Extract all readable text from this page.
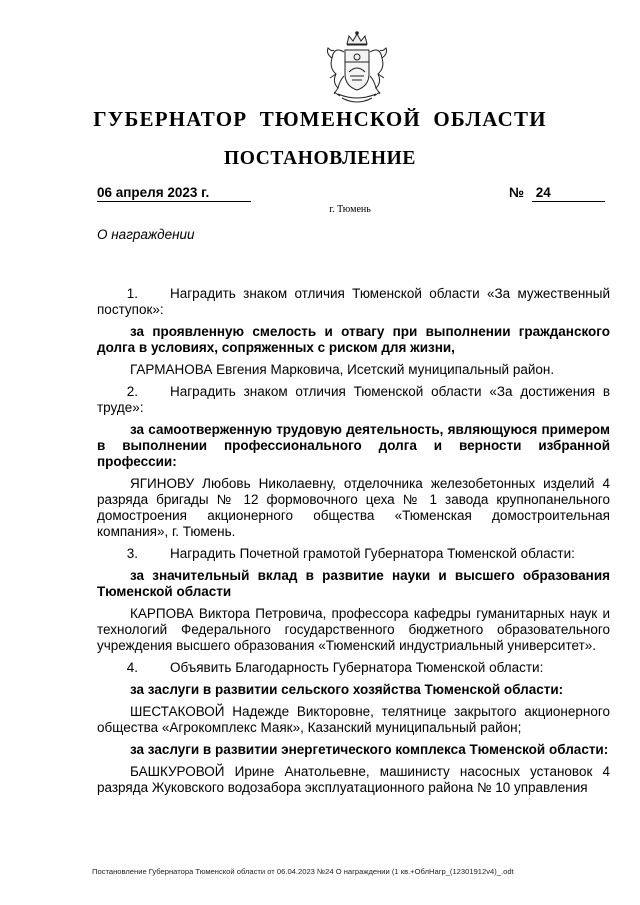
ГУБЕРНАТОР ТЮМЕНСКОЙ ОБЛАСТИ
ПОСТАНОВЛЕНИЕ
06 апреля 2023 г.	№ 24
г. Тюмень
О награждении
1. Наградить знаком отличия Тюменской области «За мужественный поступок»:

за проявленную смелость и отвагу при выполнении гражданского долга в условиях, сопряженных с риском для жизни,

ГАРМАНОВА Евгения Марковича, Исетский муниципальный район.

2. Наградить знаком отличия Тюменской области «За достижения в труде»:

за самоотверженную трудовую деятельность, являющуюся примером в выполнении профессионального долга и верности избранной профессии:

ЯГИНОВУ Любовь Николаевну, отделочника железобетонных изделий 4 разряда бригады № 12 формовочного цеха № 1 завода крупнопанельного домостроения акционерного общества «Тюменская домостроительная компания», г. Тюмень.

3. Наградить Почетной грамотой Губернатора Тюменской области:

за значительный вклад в развитие науки и высшего образования Тюменской области

КАРПОВА Виктора Петровича, профессора кафедры гуманитарных наук и технологий Федерального государственного бюджетного образовательного учреждения высшего образования «Тюменский индустриальный университет».

4. Объявить Благодарность Губернатора Тюменской области:

за заслуги в развитии сельского хозяйства Тюменской области:

ШЕСТАКОВОЙ Надежде Викторовне, телятнице закрытого акционерного общества «Агрокомплекс Маяк», Казанский муниципальный район;

за заслуги в развитии энергетического комплекса Тюменской области:

БАШКУРОВОЙ Ирине Анатольевне, машинисту насосных установок 4 разряда Жуковского водозабора эксплуатационного района № 10 управления

Постановление Губернатора Тюменской области от 06.04.2023 №24 О награждении (1 кв.+ОблНагр_(12301912v4)_.odt
